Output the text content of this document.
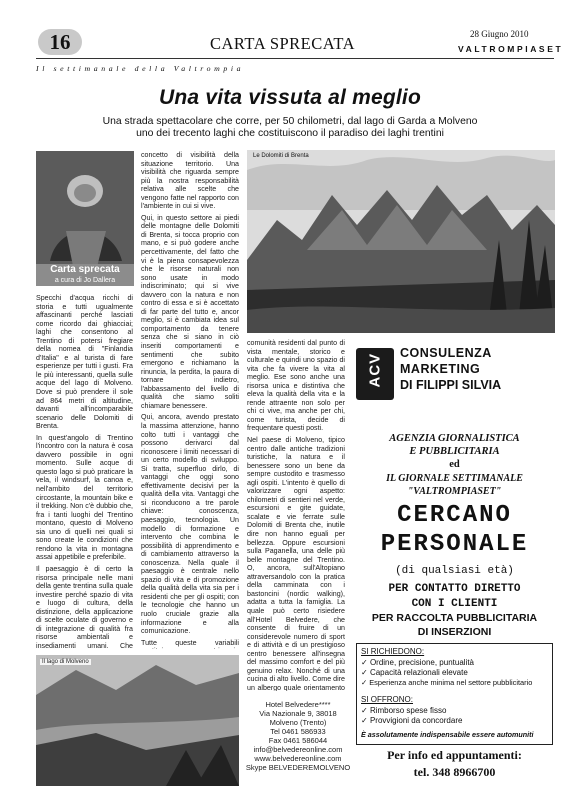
16	CARTA SPRECATA	28 Giugno 2010
VALTROMPIASET
Il settimanale della Valtrompia
Una vita vissuta al meglio
Una strada spettacolare che corre, per 50 chilometri, dal lago di Garda a Molveno
uno dei trecento laghi che costituiscono il paradiso dei laghi trentini
Carta sprecata
a cura di Jo Dallera

Specchi d'acqua ricchi di storia e tutti ugualmente affascinanti perché lasciati come ricordo dai ghiacciai; laghi che consentono al Trentino di potersi fregiare della nomea di "Finlandia d'Italia" e al turista di fare esperienze per tutti i gusti. Fra le più interessanti, quella sulle acque del lago di Molveno. Dove si può prendere il sole ad 864 metri di altitudine, davanti all'incomparabile scenario delle Dolomiti di Brenta.

In quest'angolo di Trentino l'incontro con la natura è cosa davvero possibile in ogni momento. Sulle acque di questo lago si può praticare la vela, il windsurf, la canoa e, nell'ambito del territorio circostante, la mountain bike e il trekking. Non c'è dubbio che, fra i tanti luoghi del Trentino montano, questo di Molveno sia uno di quelli nei quali si sono create le condizioni che rendono la vita in montagna assai appetibile e preferibile.

Il paesaggio è di certo la risorsa principale nelle mani della gente trentina sulla quale investire perché spazio di vita e luogo di cultura, della distinzione, della applicazione di scelte oculate di governo e di integrazione di qualità fra risorse ambientali e insediamenti umani. Che

concetto di visibilità della situazione territorio. Una visibilità che riguarda sempre più la nostra responsabilità relativa alle scelte che vengono fatte nel rapporto con l'ambiente in cui si vive.

Qui, in questo settore ai piedi delle montagne delle Dolomiti di Brenta, si tocca proprio con mano, e si può godere anche percettivamente, del fatto che vi è la piena consapevolezza che le risorse naturali non sono usate in modo indiscriminato; qui si vive davvero con la natura e non contro di essa e si è accettato di far parte del tutto e, ancor meglio, si è cambiata idea sul comportamento da tenere senza che si siano in ciò inseriti comportamenti e sentimenti che subito emergono e richiamano la rinuncia, la perdita, la paura di tornare indietro, l'abbassamento del livello di qualità che siamo soliti chiamare benessere.

Qui, ancora, avendo prestato la massima attenzione, hanno colto tutti i vantaggi che possono derivarci dal riconoscere i limiti necessari di un certo modello di sviluppo. Si tratta, superfluo dirlo, di vantaggi che oggi sono effettivamente decisivi per la qualità della vita. Vantaggi che si riconducono a tre parole chiave: conoscenza, paesaggio, tecnologia. Un modello di formazione e intervento che combina le possibilità di apprendimento e di cambiamento attraverso la conoscenza. Nella quale il paesaggio è centrale nello spazio di vita e di promozione della qualità della vita sia per i residenti che per gli ospiti; con le tecnologie che hanno un ruolo cruciale grazie alla informazione e alla comunicazione.

Tutte queste variabili

Le Dolomiti di Brenta

comunità residenti dal punto di vista mentale, storico e culturale e quindi uno spazio di vita che fa vivere la vita al meglio. Ese sono anche una risorsa unica e distintiva che eleva la qualità della vita e la rende attraente non solo per chi ci vive, ma anche per chi, come turista, decide di frequentare questi posti.

Nel paese di Molveno, tipico centro dalle antiche tradizioni turistiche, la natura e il benessere sono un bene da sempre custodito e trasmesso agli ospiti. L'intento è quello di valorizzare ogni aspetto: chilometri di sentieri nel verde, escursioni e gite guidate, scalate e vie ferrate sulle Dolomiti di Brenta che, inutile dire non hanno eguali per bellezza. Oppure escursioni sulla Paganella, una delle più belle montagne del Trentino. O, ancora, sull'Altopiano attraversandolo con la pratica della camminata con i bastoncini (nordic walking), adatta a tutta la famiglia. La quale può certo risiedere all'Hotel Belvedere, che consente di fruire di un considerevole numero di sport e di attività e di un prestigioso centro benessere all'insegna del massimo comfort e del più genuino relax. Nonché di una cucina di alto livello. Come dire un albergo quale orientamento

Il lago di Molveno
Hotel Belvedere****
Via Nazionale 9, 38018
Molveno (Trento)
Tel 0461 586933
Fax 0461 586044
info@belvedereonline.com
www.belvedereonline.com
Skype BELVEDEREMOLVENO
ACV CONSULENZA
MARKETING
DI FILIPPI SILVIA
AGENZIA GIORNALISTICA
E PUBBLICITARIA
ed
IL GIORNALE SETTIMANALE
"VALTROMPIASET"
CERCANO
PERSONALE
(di qualsiasi età)
PER CONTATTO DIRETTO
CON I CLIENTI
PER RACCOLTA PUBBLICITARIA
DI INSERZIONI
SI RICHIEDONO:
✓ Ordine, precisione, puntualità
✓ Capacità relazionali elevate
✓ Esperienza anche minima nel settore pubblicitario
SI OFFRONO:
✓ Rimborso spese fisso
✓ Provvigioni da concordare
È assolutamente indispensabile essere automuniti
Per info ed appuntamenti:
tel. 348 8966700
